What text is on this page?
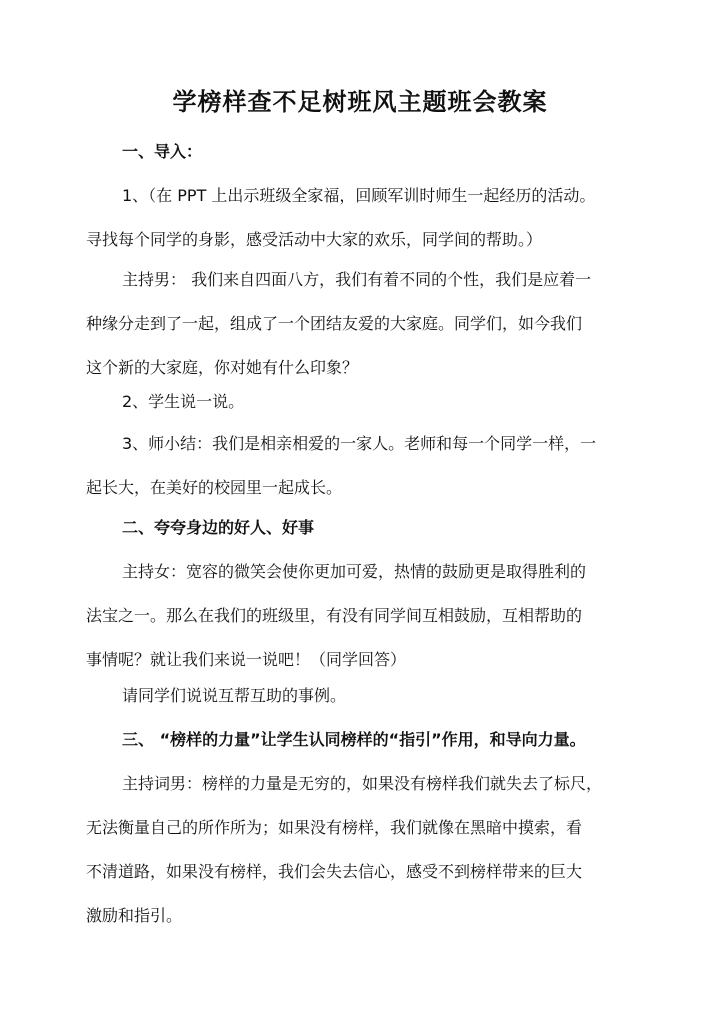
学榜样查不足树班风主题班会教案
一、导入：
1、（在 PPT 上出示班级全家福，回顾军训时师生一起经历的活动。
寻找每个同学的身影，感受活动中大家的欢乐，同学间的帮助。）
主持男： 我们来自四面八方，我们有着不同的个性，我们是应着一
种缘分走到了一起，组成了一个团结友爱的大家庭。同学们，如今我们
这个新的大家庭，你对她有什么印象？
2、学生说一说。
3、师小结：我们是相亲相爱的一家人。老师和每一个同学一样，一
起长大，在美好的校园里一起成长。
二、夸夸身边的好人、好事
主持女：宽容的微笑会使你更加可爱，热情的鼓励更是取得胜利的
法宝之一。那么在我们的班级里，有没有同学间互相鼓励，互相帮助的
事情呢？就让我们来说一说吧！（同学回答）
请同学们说说互帮互助的事例。
三、 “榜样的力量”让学生认同榜样的“指引”作用，和导向力量。
主持词男：榜样的力量是无穷的，如果没有榜样我们就失去了标尺，
无法衡量自己的所作所为；如果没有榜样，我们就像在黑暗中摸索，看
不清道路，如果没有榜样，我们会失去信心，感受不到榜样带来的巨大
激励和指引。
